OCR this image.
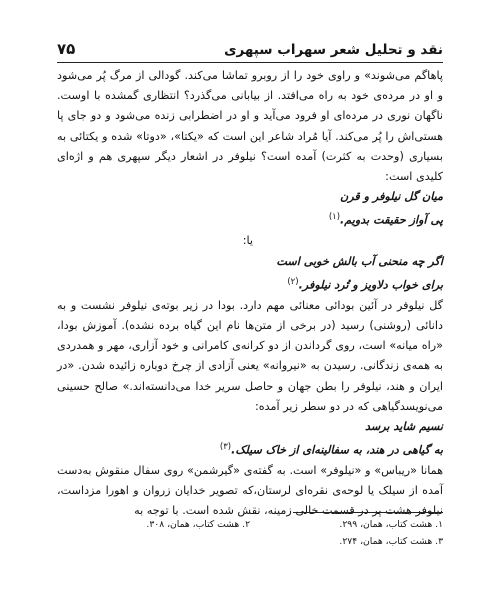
نقد و تحلیل شعر سهراب سپهری
۷۵

پاهاگم می‌شوند» و راوی خود را از روبرو تماشا می‌کند. گودالی از مرگ پُر می‌شود و او در مرده‌ی خود به راه می‌افتد. از بیابانی می‌گذرد؟ انتظاری گمشده با اوست. ناگهان نوری در مرده‌ای او فرود می‌آید و او در اضطرابی زنده می‌شود و دو جای پا هستی‌اش را پُر می‌کند. آیا مُراد شاعر این است که «یکتا»، «دوتا» شده و یکتائی به بسیاری (وحدت به کثرت) آمده است؟ نیلوفر در اشعار دیگر سپهری هم و اژه‌ای کلیدی است:

میان گل نیلوفر و قرن
پی آواز حقیقت بدویم.$^{(۱)}$
یا:
اگر چه منحنی آب بالش خوبی است
برای خواب دلاویز و تُرد نیلوفر.$^{(۲)}$

گل نیلوفر در آئین بودائی معنائی مهم دارد. بودا در زیر بوته‌ی نیلوفر نشست و به دانائی (روشنی) رسید (در برخی از متن‌ها نام این گیاه برده نشده). آموزش بودا، «راه میانه» است، روی گرداندن از دو کرانه‌ی کامرانی و خود آزاری، مهر و همدردی به همه‌ی زندگانی. رسیدن به «نیروانه» یعنی آزادی از چرخ دوباره زائیده شدن. «در ایران و هند، نیلوفر را بطن جهان و حاصل سریر خدا می‌دانسته‌اند.» صالح حسینی می‌نویسدگیاهی که در دو سطر زیر آمده:

نسیم شاید برسد
به گیاهی در هند، به سفالینه‌ای از خاک سیلک.$^{(۳)}$

همانا «ریباس» و «نیلوفر» است. به گفته‌ی «گیرشمن» روی سفال منقوش به‌دست آمده از سیلک یا لوحه‌ی نقره‌ای لرستان،که تصویر خدایان زروان و اهورا مزداست، نیلوفر هشت پر در قسمت خالی زمینه، نقش شده است. با توجه به

۱. هشت کتاب، همان، ۲۹۹.
۲. هشت کتاب، همان، ۳۰۸.
۳. هشت کتاب، همان، ۲۷۴.
